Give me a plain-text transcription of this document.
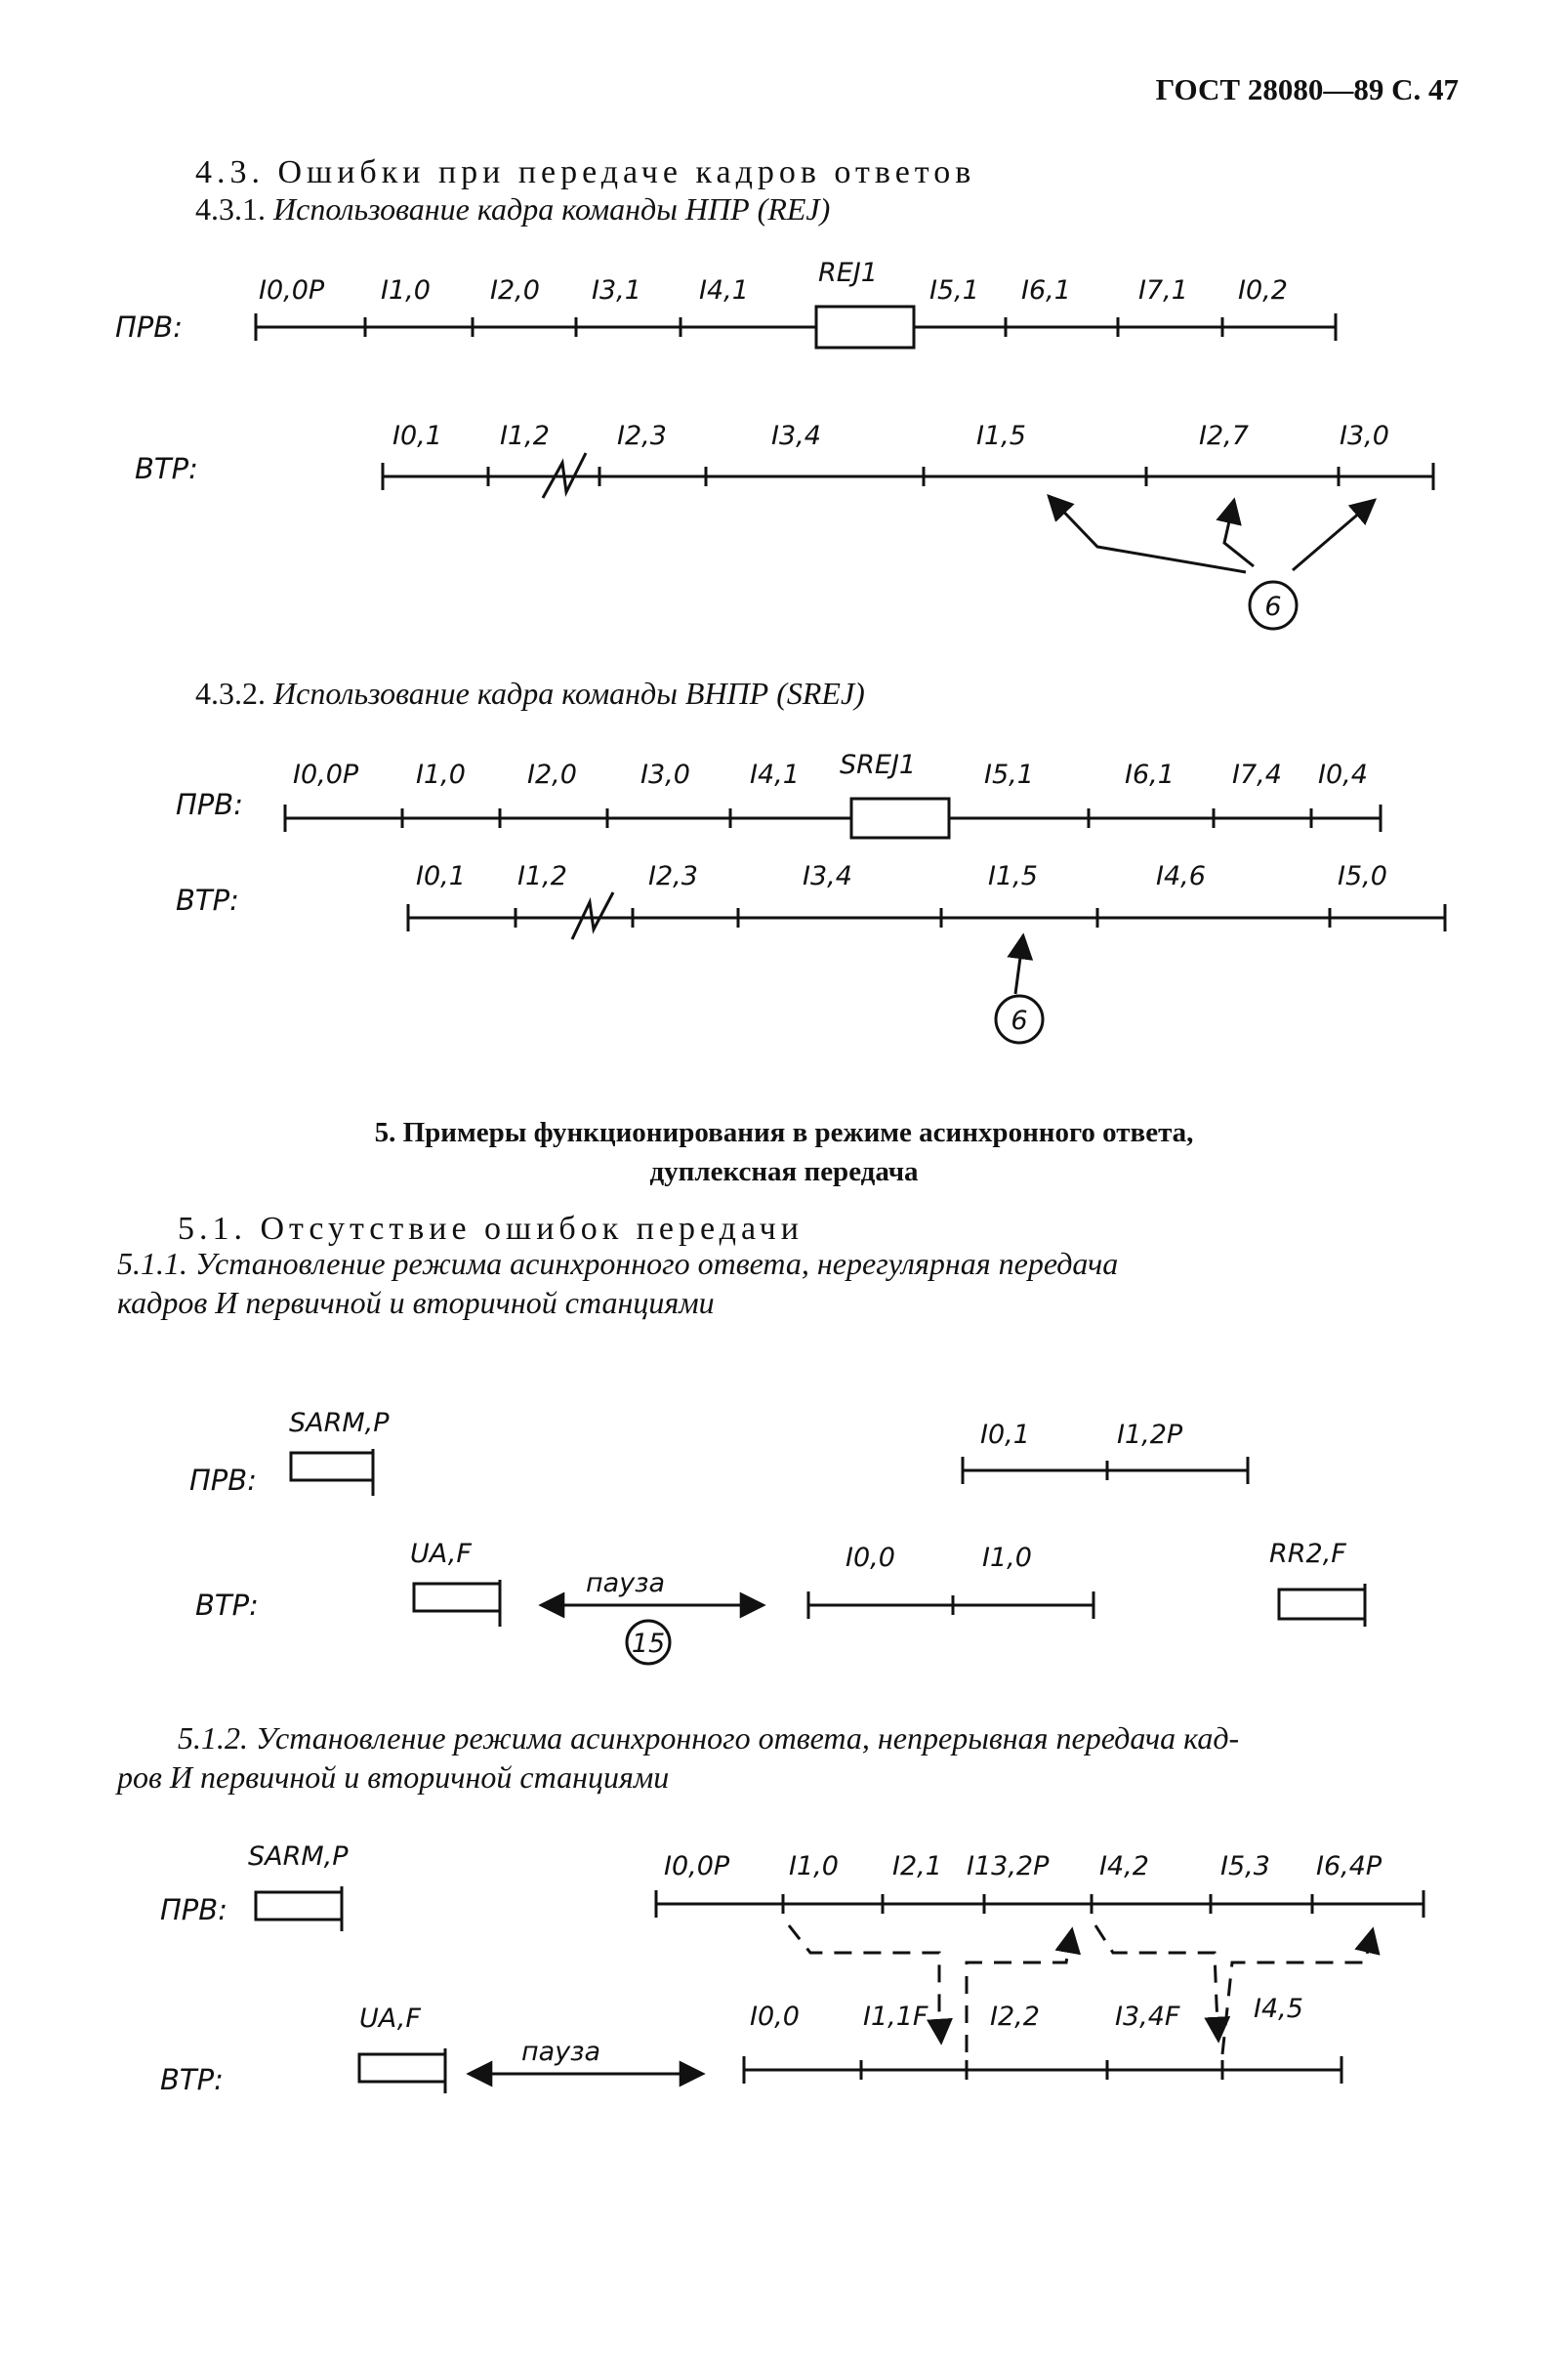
ГОСТ 28080—89 С. 47
4.3. Ошибки при передаче кадров ответов
4.3.1. Использование кадра команды НПР (REJ)
4.3.2. Использование кадра команды ВНПР (SREJ)
5. Примеры функционирования в режиме асинхронного ответа,
дуплексная передача
5.1. Отсутствие ошибок передачи
5.1.1. Установление режима асинхронного ответа, нерегулярная передача
кадров И первичной и вторичной станциями
5.1.2. Установление режима асинхронного ответа, непрерывная передача кад-
ров И первичной и вторичной станциями
ПРВ:
I0,0P I1,0 I2,0 I3,1 I4,1
REJ1
I5,1 I6,1	I7,1 I0,2
ВТР:
I0,1 I1,2	I2,3	I3,4	I1,5	I2,7	I3,0
6
ПРВ:
I0,0P I1,0 I2,0 I3,0 I4,1 SREJ1	I5,1	I6,1 I7,4 I0,4
ВТР:
I0,1 I1,2	I2,3	I3,4	I1,5	I4,6	I5,0
6
ПРВ:
SARM,P	I0,1	I1,2P
ВТР:
UA,F
пауза
15
I0,0	I1,0	RR2,F
ПРВ:
SARM,P	I0,0P I1,0 I2,1 I13,2P I4,2	I5,3 I6,4P
ВТР:
UA,F
пауза
I0,0 I1,1F I2,2	I3,4F	I4,5
